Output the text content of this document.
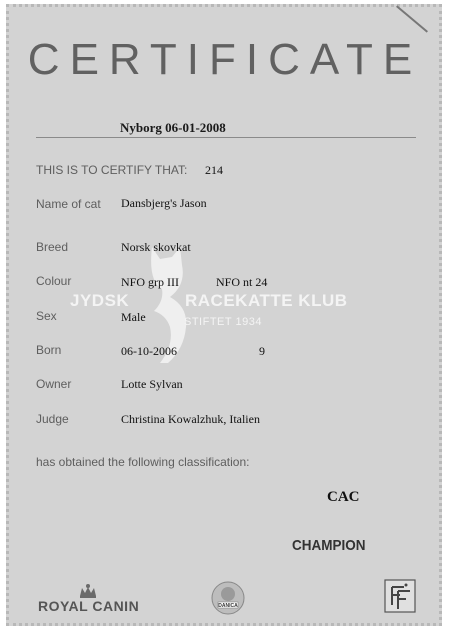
CERTIFICATE
Nyborg 06-01-2008
THIS IS TO CERTIFY THAT: 214
JYDSK	RACEKATTE KLUB
STIFTET 1934
Name of cat Dansbjerg's Jason
Breed	Norsk skovkat
Colour	NFO grp III	NFO nt 24
Sex	Male
Born	06-10-2006	9
Owner	Lotte Sylvan
Judge	Christina Kowalzhuk, Italien
has obtained the following classification:
CAC
CHAMPION
ROYAL CANIN	DANICA
FIFe
